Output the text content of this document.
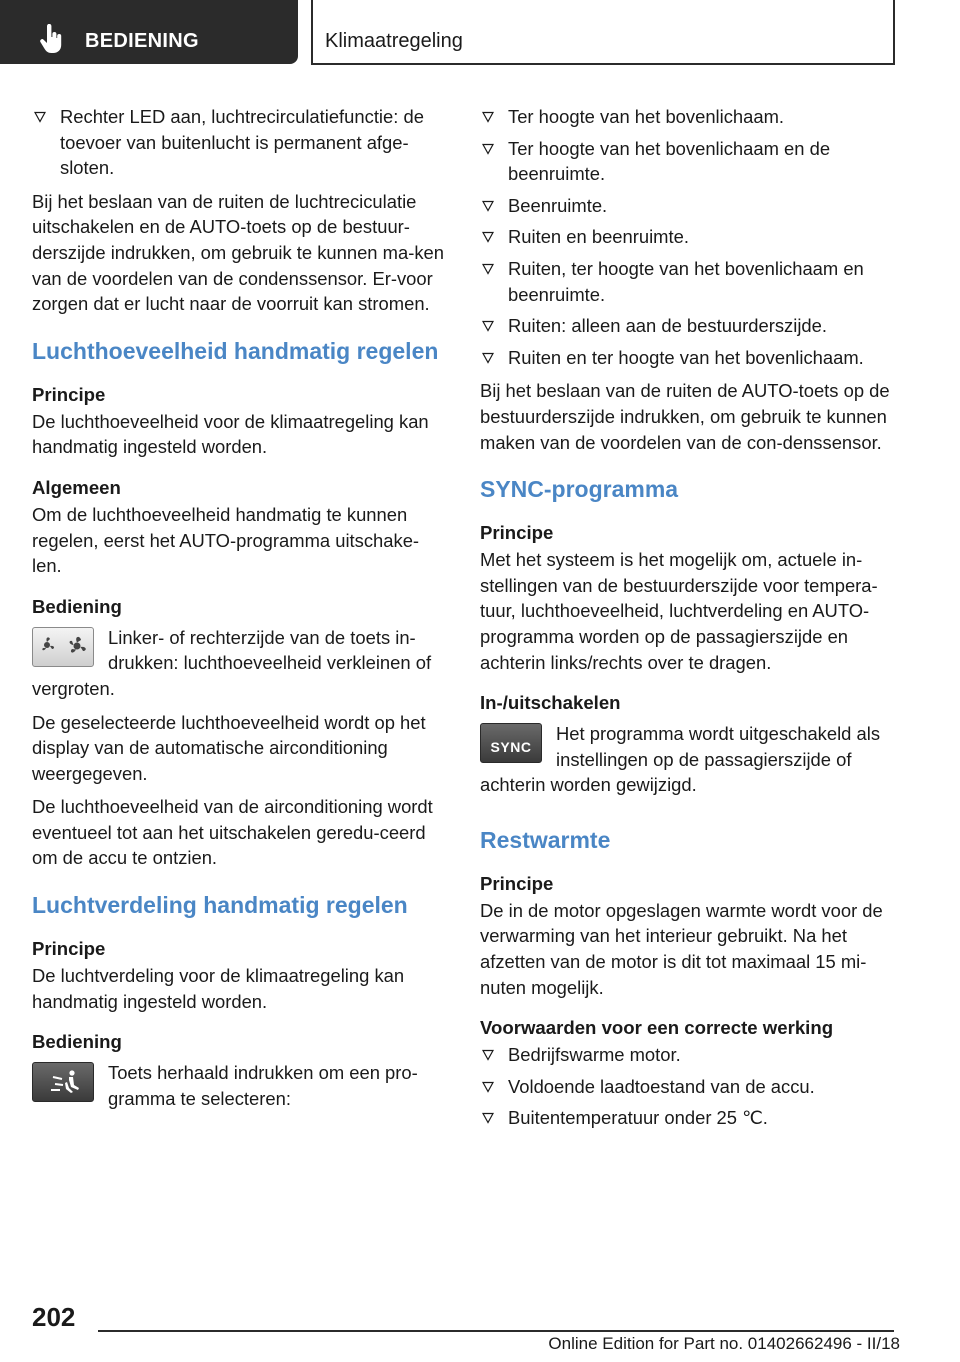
BEDIENING	Klimaatregeling
Rechter LED aan, luchtrecirculatiefunctie: de toevoer van buitenlucht is permanent afge-sloten.

Bij het beslaan van de ruiten de luchtreciculatie uitschakelen en de AUTO-toets op de bestuur-derszijde indrukken, om gebruik te kunnen ma-ken van de voordelen van de condenssensor. Er-voor zorgen dat er lucht naar de voorruit kan stromen.

Luchthoeveelheid handmatig regelen
Principe

De luchthoeveelheid voor de klimaatregeling kan handmatig ingesteld worden.

Algemeen

Om de luchthoeveelheid handmatig te kunnen regelen, eerst het AUTO-programma uitschake-len.

Bediening

Linker- of rechterzijde van de toets in-drukken: luchthoeveelheid verkleinen of vergroten.

De geselecteerde luchthoeveelheid wordt op het display van de automatische airconditioning weergegeven.

De luchthoeveelheid van de airconditioning wordt eventueel tot aan het uitschakelen geredu-ceerd om de accu te ontzien.

Luchtverdeling handmatig regelen
Principe

De luchtverdeling voor de klimaatregeling kan handmatig ingesteld worden.

Bediening

Toets herhaald indrukken om een pro-gramma te selecteren:

Ter hoogte van het bovenlichaam.
Ter hoogte van het bovenlichaam en de beenruimte.
Beenruimte.
Ruiten en beenruimte.
Ruiten, ter hoogte van het bovenlichaam en beenruimte.
Ruiten: alleen aan de bestuurderszijde.
Ruiten en ter hoogte van het bovenlichaam.

Bij het beslaan van de ruiten de AUTO-toets op de bestuurderszijde indrukken, om gebruik te kunnen maken van de voordelen van de con-denssensor.

SYNC-programma
Principe

Met het systeem is het mogelijk om, actuele in-stellingen van de bestuurderszijde voor tempera-tuur, luchthoeveelheid, luchtverdeling en AUTO-programma worden op de passagierszijde en achterin links/rechts over te dragen.

In-/uitschakelen
SYNC

Het programma wordt uitgeschakeld als instellingen op de passagierszijde of achterin worden gewijzigd.

Restwarmte
Principe

De in de motor opgeslagen warmte wordt voor de verwarming van het interieur gebruikt. Na het afzetten van de motor is dit tot maximaal 15 mi-nuten mogelijk.

Voorwaarden voor een correcte werking
Bedrijfswarme motor.
Voldoende laadtoestand van de accu.
Buitentemperatuur onder 25 ℃.
202
Online Edition for Part no. 01402662496 - II/18
